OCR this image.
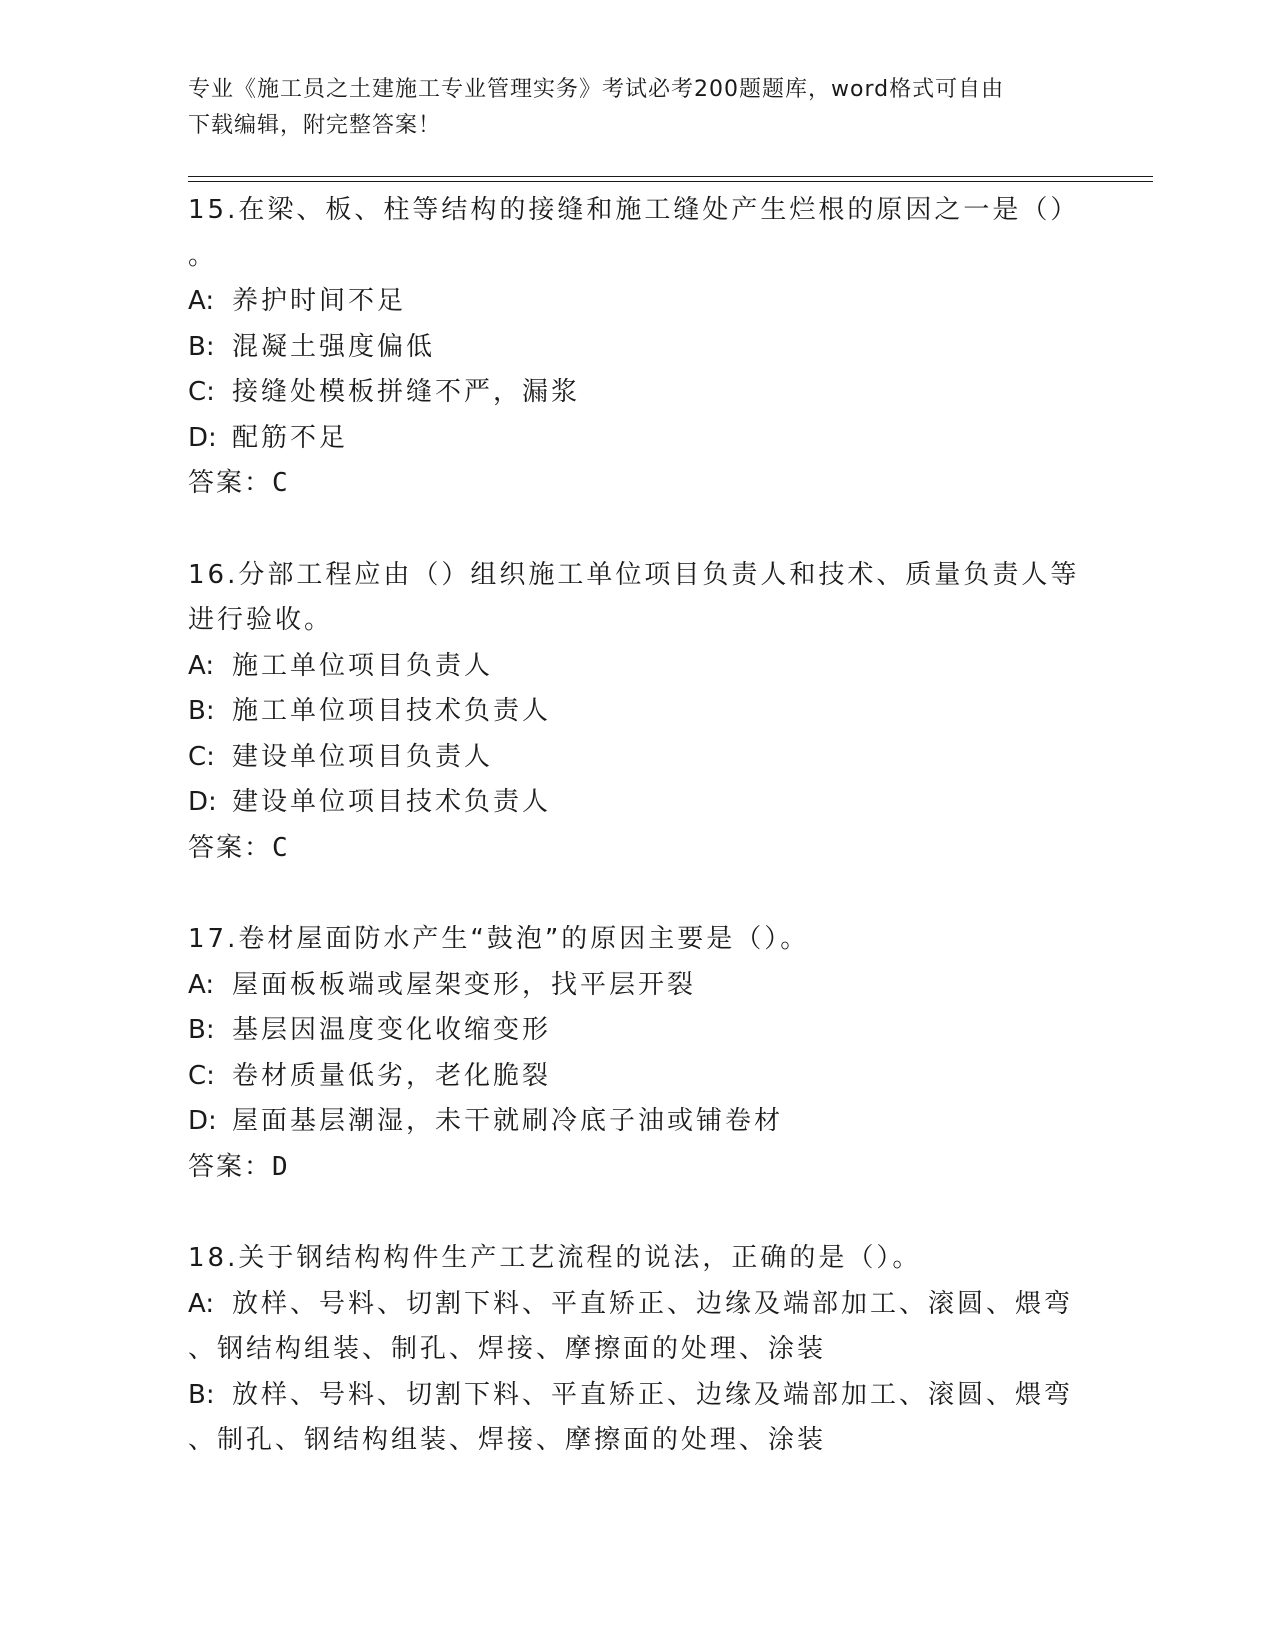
专业《施工员之土建施工专业管理实务》考试必考200题题库，word格式可自由
下载编辑，附完整答案！
15.在梁、板、柱等结构的接缝和施工缝处产生烂根的原因之一是（）
。
A: 养护时间不足
B: 混凝土强度偏低
C: 接缝处模板拼缝不严，漏浆
D: 配筋不足
答案：C
16.分部工程应由（）组织施工单位项目负责人和技术、质量负责人等
进行验收。
A: 施工单位项目负责人
B: 施工单位项目技术负责人
C: 建设单位项目负责人
D: 建设单位项目技术负责人
答案：C
17.卷材屋面防水产生“鼓泡”的原因主要是（）。
A: 屋面板板端或屋架变形，找平层开裂
B: 基层因温度变化收缩变形
C: 卷材质量低劣，老化脆裂
D: 屋面基层潮湿，未干就刷冷底子油或铺卷材
答案：D
18.关于钢结构构件生产工艺流程的说法，正确的是（）。
A: 放样、号料、切割下料、平直矫正、边缘及端部加工、滚圆、煨弯
、钢结构组装、制孔、焊接、摩擦面的处理、涂装
B: 放样、号料、切割下料、平直矫正、边缘及端部加工、滚圆、煨弯
、制孔、钢结构组装、焊接、摩擦面的处理、涂装
